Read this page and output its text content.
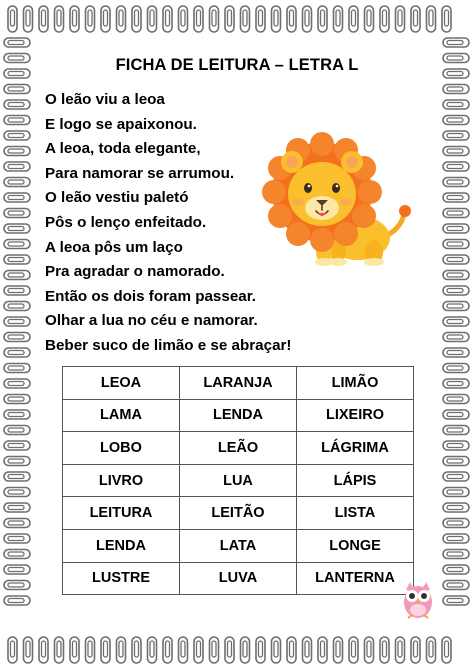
FICHA DE LEITURA – LETRA L
O leão viu a leoa
E logo se apaixonou.
A leoa, toda elegante,
Para namorar se arrumou.
O leão vestiu paletó
Pôs o lenço enfeitado.
A leoa pôs um laço
Pra agradar o namorado.
Então os dois foram passear.
Olhar a lua no céu e namorar.
Beber suco de limão e se abraçar!
LEOA	LARANJA	LIMÃO
LAMA	LENDA	LIXEIRO
LOBO	LEÃO	LÁGRIMA
LIVRO	LUA	LÁPIS
LEITURA	LEITÃO	LISTA
LENDA	LATA	LONGE
LUSTRE	LUVA	LANTERNA
